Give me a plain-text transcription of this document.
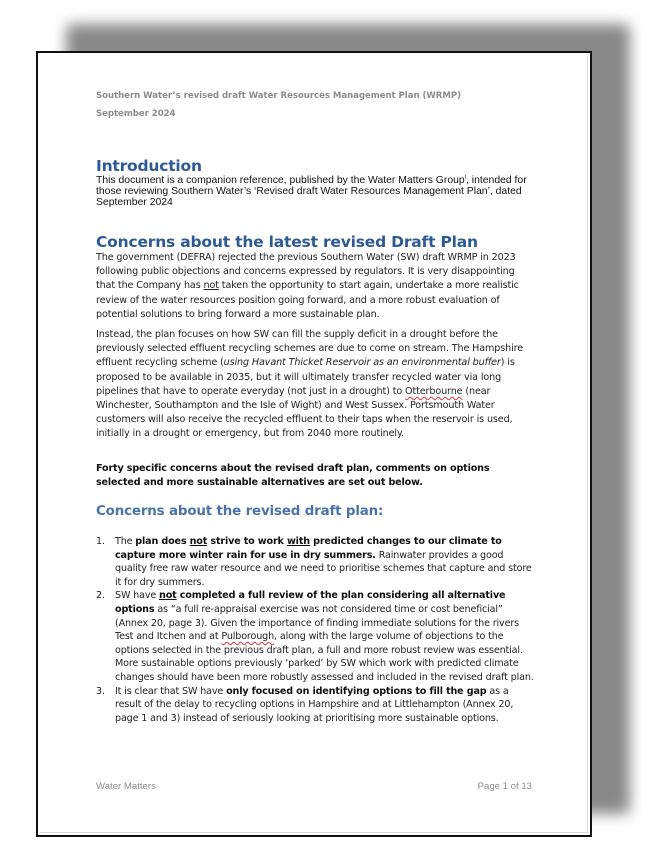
Southern Water’s revised draft Water Resources Management Plan (WRMP)
September 2024
Introduction

This document is a companion reference, published by the Water Matters Group$^i$, intended for those reviewing Southern Water’s ‘Revised draft Water Resources Management Plan’, dated September 2024

Concerns about the latest revised Draft Plan

The government (DEFRA) rejected the previous Southern Water (SW) draft WRMP in 2023 following public objections and concerns expressed by regulators. It is very disappointing that the Company has not taken the opportunity to start again, undertake a more realistic review of the water resources position going forward, and a more robust evaluation of potential solutions to bring forward a more sustainable plan.

Instead, the plan focuses on how SW can fill the supply deficit in a drought before the previously selected effluent recycling schemes are due to come on stream. The Hampshire effluent recycling scheme (using Havant Thicket Reservoir as an environmental buffer) is proposed to be available in 2035, but it will ultimately transfer recycled water via long pipelines that have to operate everyday (not just in a drought) to Otterbourne (near Winchester, Southampton and the Isle of Wight) and West Sussex. Portsmouth Water customers will also receive the recycled effluent to their taps when the reservoir is used, initially in a drought or emergency, but from 2040 more routinely.

Forty specific concerns about the revised draft plan, comments on options selected and more sustainable alternatives are set out below.

Concerns about the revised draft plan:
1. The plan does not strive to work with predicted changes to our climate to capture more winter rain for use in dry summers. Rainwater provides a good quality free raw water resource and we need to prioritise schemes that capture and store it for dry summers.
2. SW have not completed a full review of the plan considering all alternative options as “a full re-appraisal exercise was not considered time or cost beneficial” (Annex 20, page 3). Given the importance of finding immediate solutions for the rivers Test and Itchen and at Pulborough, along with the large volume of objections to the options selected in the previous draft plan, a full and more robust review was essential. More sustainable options previously ‘parked’ by SW which work with predicted climate changes should have been more robustly assessed and included in the revised draft plan.
3. It is clear that SW have only focused on identifying options to fill the gap as a result of the delay to recycling options in Hampshire and at Littlehampton (Annex 20, page 1 and 3) instead of seriously looking at prioritising more sustainable options.
Water Matters	Page 1 of 13
